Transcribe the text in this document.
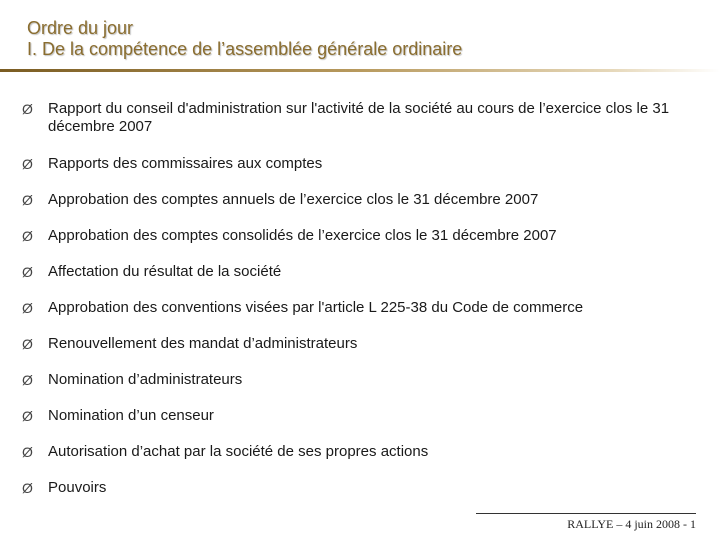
Ordre du jour
I. De la compétence de l’assemblée générale ordinaire
Ø Rapport du conseil d'administration sur l'activité de la société au cours de l’exercice clos le 31 décembre 2007
Ø Rapports des commissaires aux comptes
Ø Approbation des comptes annuels de l’exercice clos le 31 décembre 2007
Ø Approbation des comptes consolidés de l’exercice clos le 31 décembre 2007
Ø Affectation du résultat de la société
Ø Approbation des conventions visées par l'article L 225-38 du Code de commerce
Ø Renouvellement des mandat d’administrateurs
Ø Nomination d’administrateurs
Ø Nomination d’un censeur
Ø Autorisation d’achat par la société de ses propres actions
Ø Pouvoirs
RALLYE – 4 juin 2008 - 1
